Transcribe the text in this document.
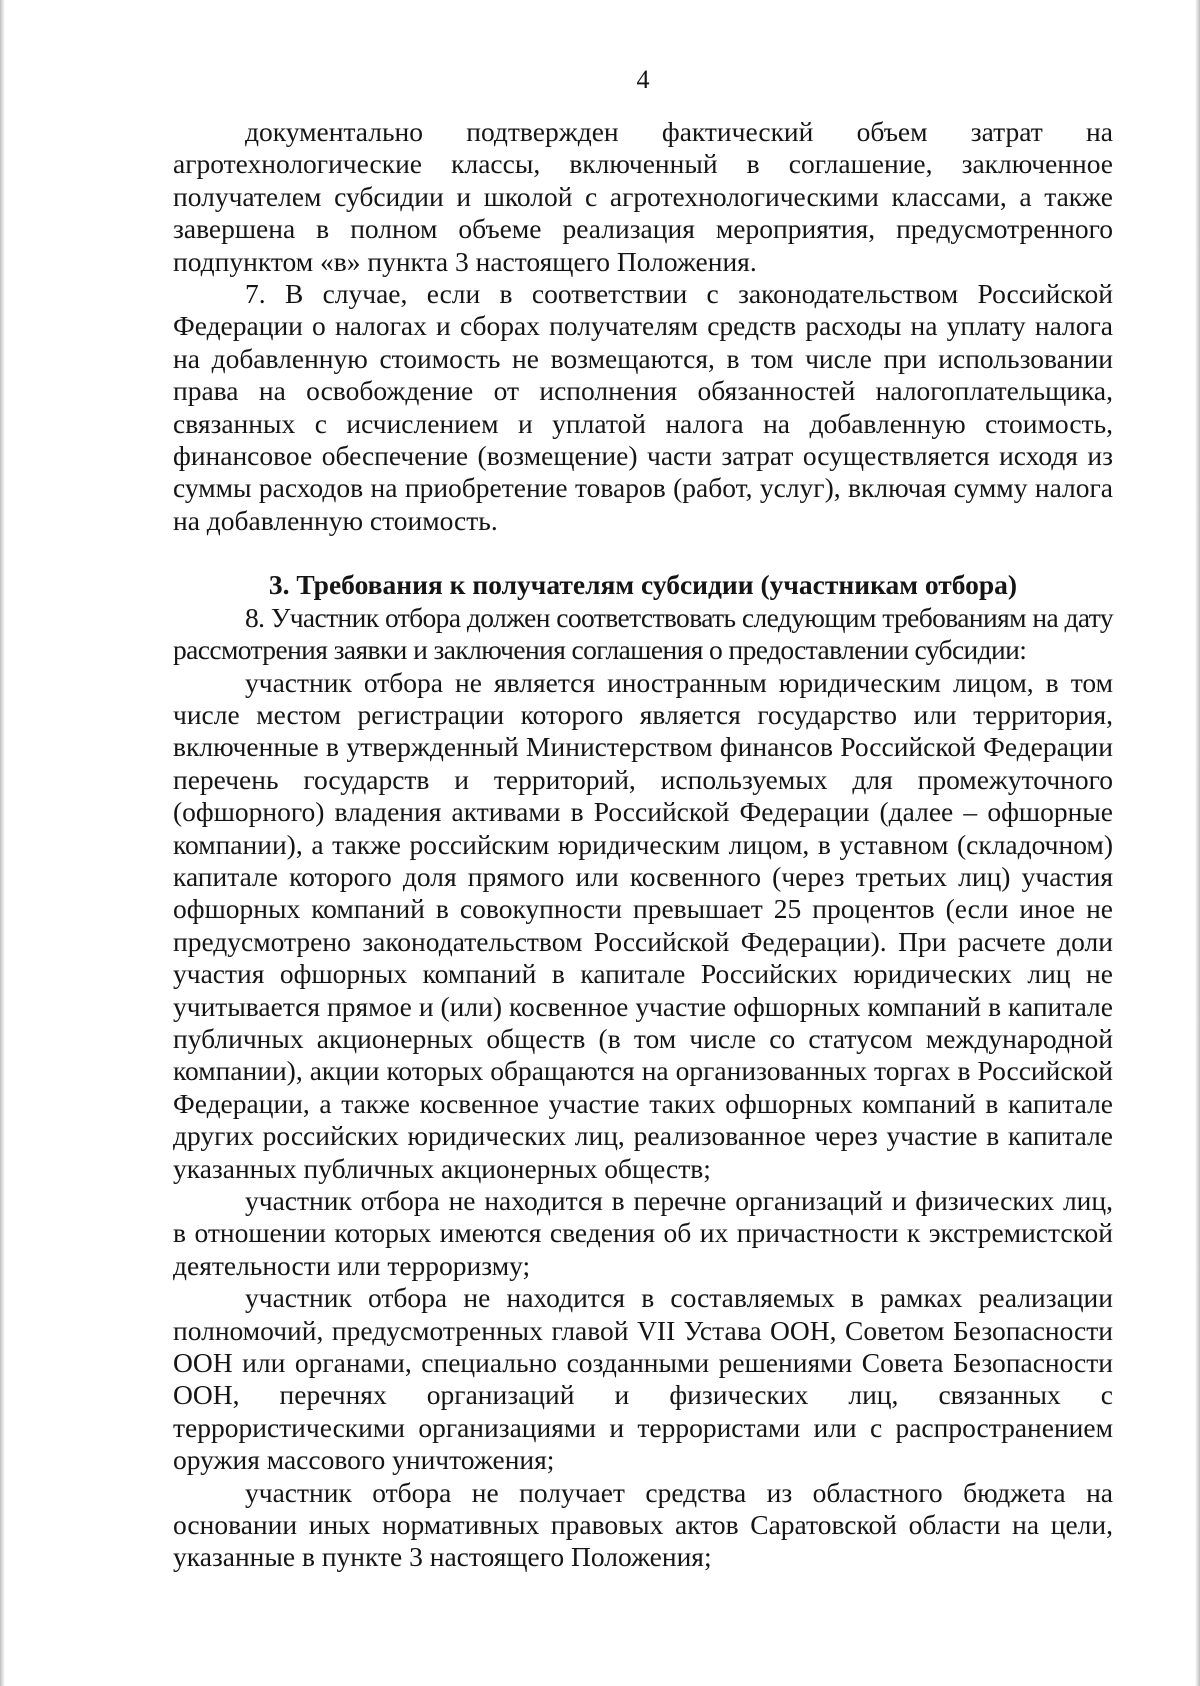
4

документально подтвержден фактический объем затрат на агротехнологические классы, включенный в соглашение, заключенное получателем субсидии и школой с агротехнологическими классами, а также завершена в полном объеме реализация мероприятия, предусмотренного подпунктом «в» пункта 3 настоящего Положения.

7. В случае, если в соответствии с законодательством Российской Федерации о налогах и сборах получателям средств расходы на уплату налога на добавленную стоимость не возмещаются, в том числе при использовании права на освобождение от исполнения обязанностей налогоплательщика, связанных с исчислением и уплатой налога на добавленную стоимость, финансовое обеспечение (возмещение) части затрат осуществляется исходя из суммы расходов на приобретение товаров (работ, услуг), включая сумму налога на добавленную стоимость.

3. Требования к получателям субсидии (участникам отбора)

8. Участник отбора должен соответствовать следующим требованиям на дату рассмотрения заявки и заключения соглашения о предоставлении субсидии:

участник отбора не является иностранным юридическим лицом, в том числе местом регистрации которого является государство или территория, включенные в утвержденный Министерством финансов Российской Федерации перечень государств и территорий, используемых для промежуточного (офшорного) владения активами в Российской Федерации (далее – офшорные компании), а также российским юридическим лицом, в уставном (складочном) капитале которого доля прямого или косвенного (через третьих лиц) участия офшорных компаний в совокупности превышает 25 процентов (если иное не предусмотрено законодательством Российской Федерации). При расчете доли участия офшорных компаний в капитале Российских юридических лиц не учитывается прямое и (или) косвенное участие офшорных компаний в капитале публичных акционерных обществ (в том числе со статусом международной компании), акции которых обращаются на организованных торгах в Российской Федерации, а также косвенное участие таких офшорных компаний в капитале других российских юридических лиц, реализованное через участие в капитале указанных публичных акционерных обществ;

участник отбора не находится в перечне организаций и физических лиц, в отношении которых имеются сведения об их причастности к экстремистской деятельности или терроризму;

участник отбора не находится в составляемых в рамках реализации полномочий, предусмотренных главой VII Устава ООН, Советом Безопасности ООН или органами, специально созданными решениями Совета Безопасности ООН, перечнях организаций и физических лиц, связанных с террористическими организациями и террористами или с распространением оружия массового уничтожения;

участник отбора не получает средства из областного бюджета на основании иных нормативных правовых актов Саратовской области на цели, указанные в пункте 3 настоящего Положения;
